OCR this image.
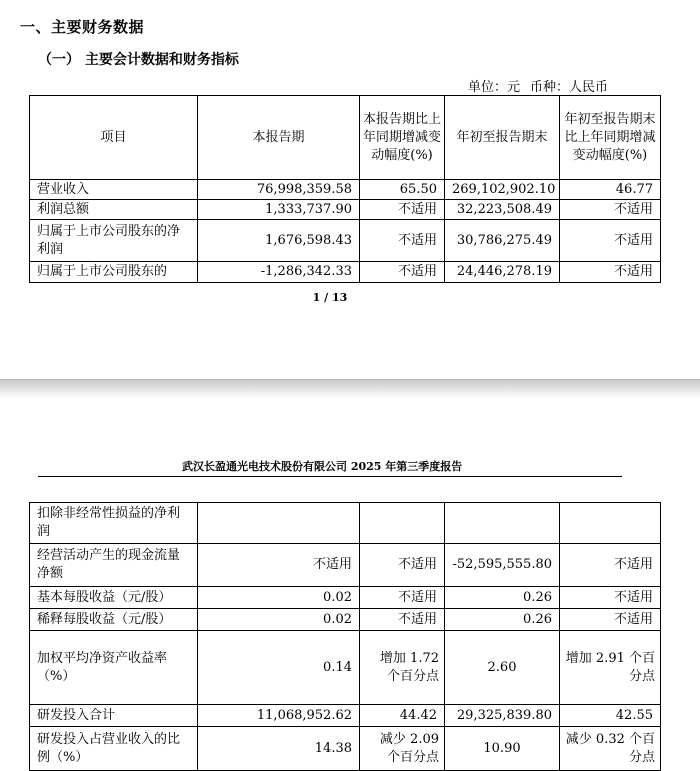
一、主要财务数据
（一） 主要会计数据和财务指标
单位：元 币种：人民币
项目	本报告期	本报告期比上年同期增减变动幅度(%)	年初至报告期末	年初至报告期末比上年同期增减变动幅度(%)
营业收入	76,998,359.58	65.50	269,102,902.10	46.77
利润总额	1,333,737.90	不适用	32,223,508.49	不适用
归属于上市公司股东的净利润	1,676,598.43	不适用	30,786,275.49	不适用
归属于上市公司股东的	-1,286,342.33	不适用	24,446,278.19	不适用
1 / 13
武汉长盈通光电技术股份有限公司 2025 年第三季度报告
扣除非经常性损益的净利润				
经营活动产生的现金流量净额	不适用	不适用	-52,595,555.80	不适用
基本每股收益（元/股）	0.02	不适用	0.26	不适用
稀释每股收益（元/股）	0.02	不适用	0.26	不适用
加权平均净资产收益率（%）	0.14	增加 1.72 个百分点	2.60	增加 2.91 个百分点
研发投入合计	11,068,952.62	44.42	29,325,839.80	42.55
研发投入占营业收入的比例（%）	14.38	减少 2.09 个百分点	10.90	减少 0.32 个百分点
